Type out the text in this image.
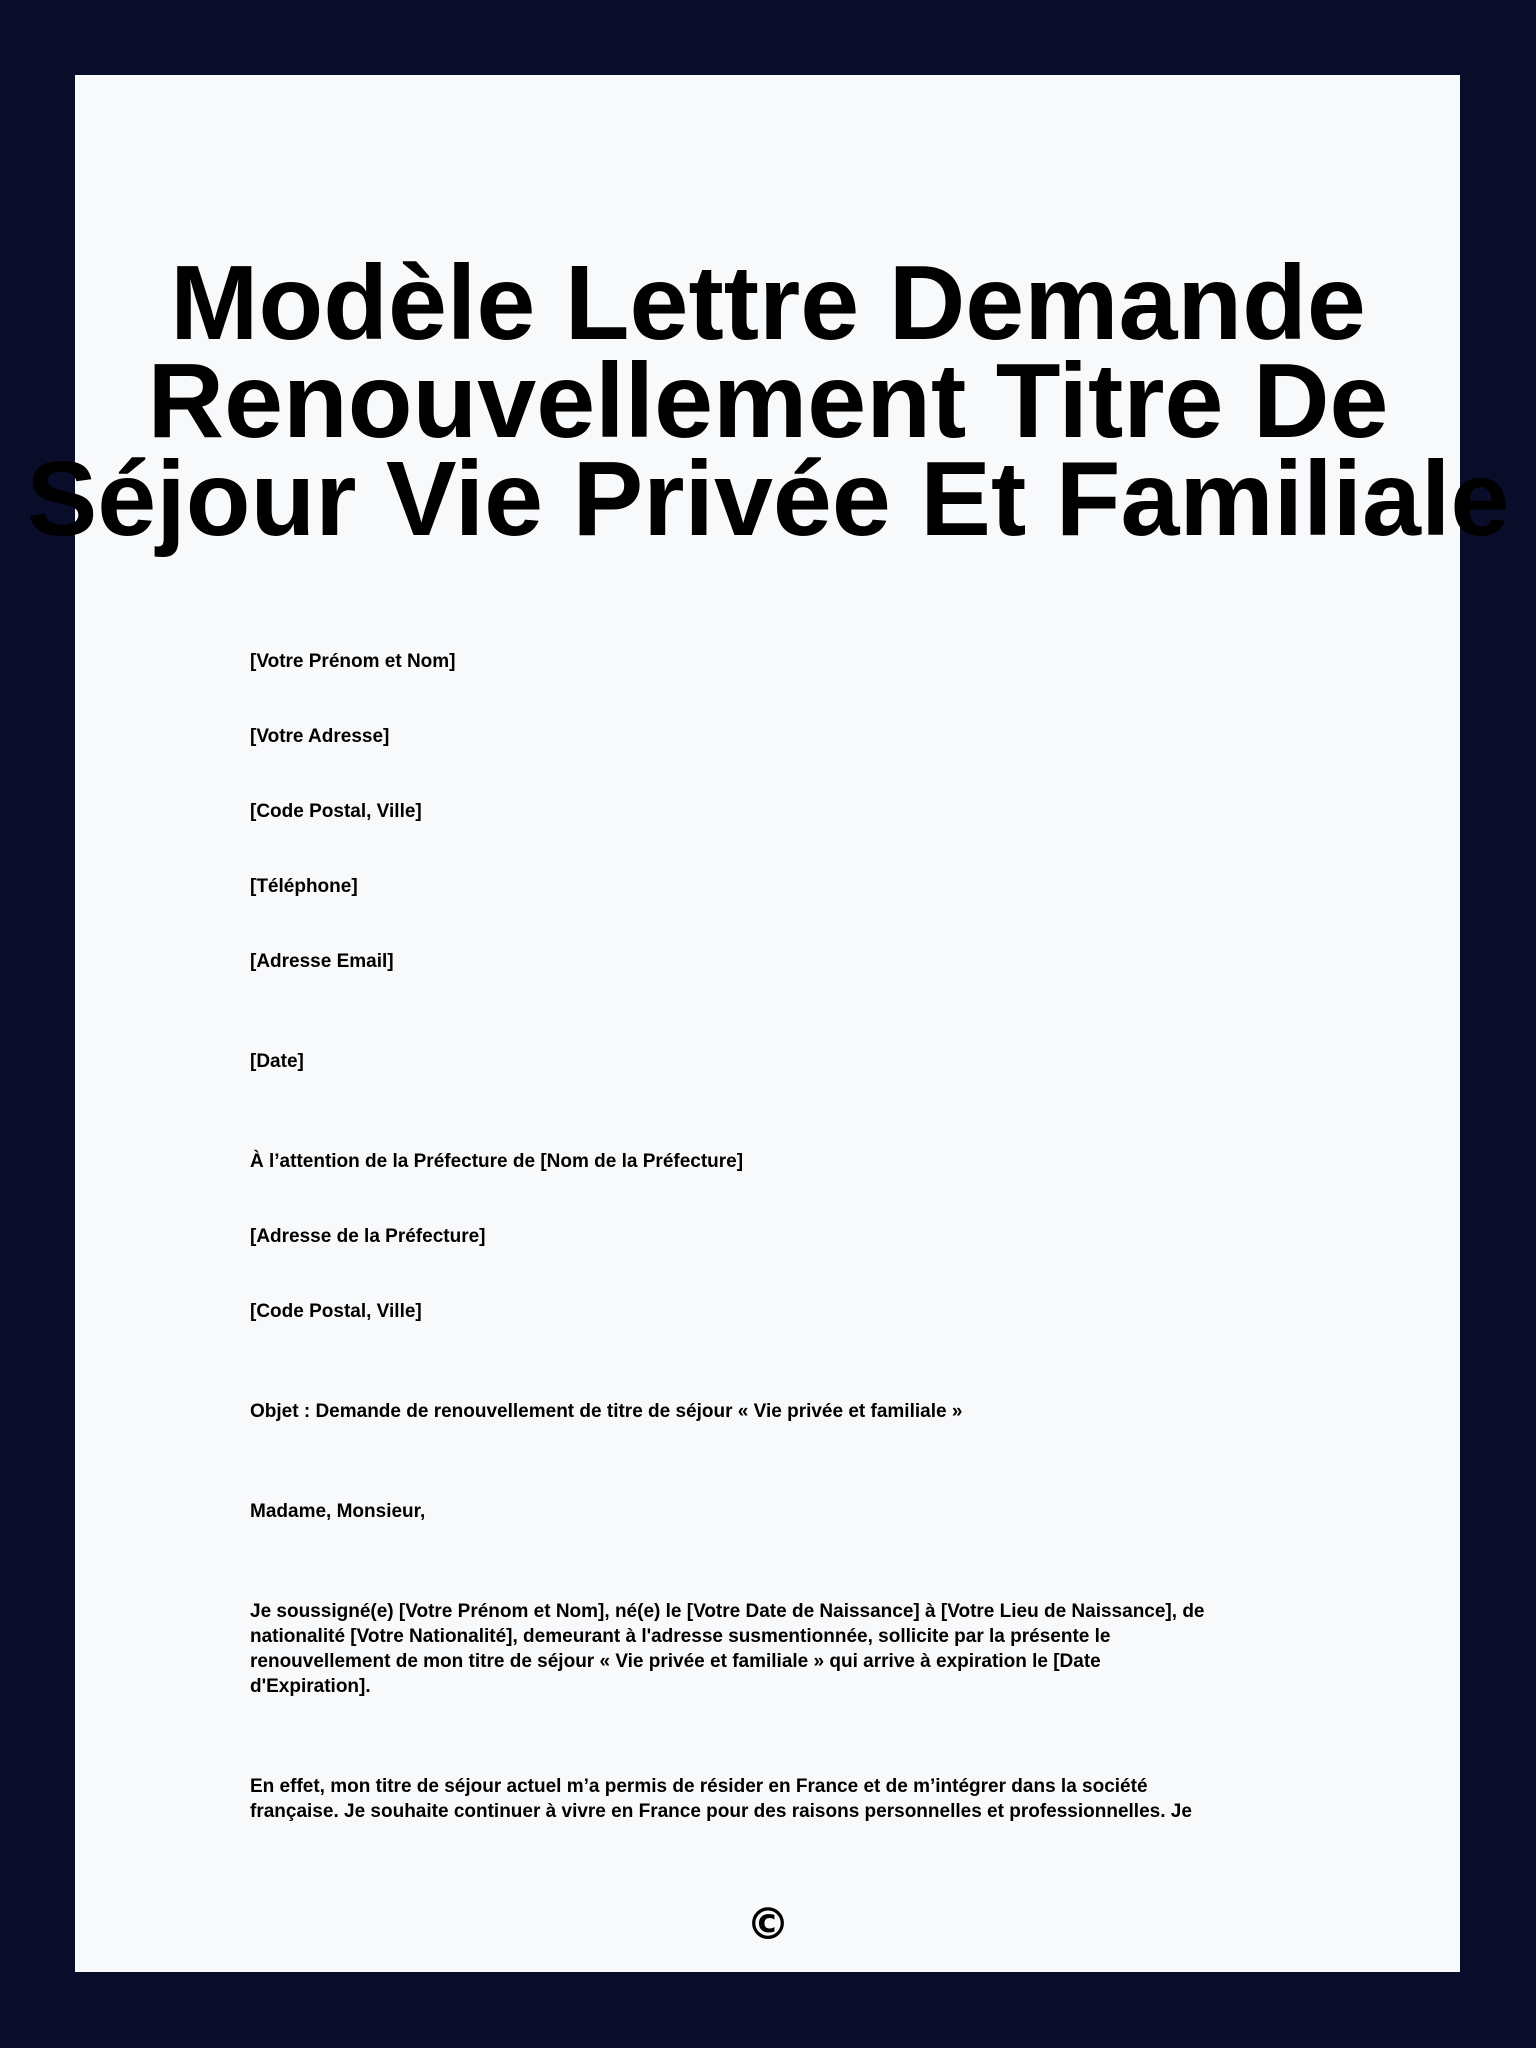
Modèle Lettre Demande
Renouvellement Titre De
Séjour Vie Privée Et Familiale
[Votre Prénom et Nom]
[Votre Adresse]
[Code Postal, Ville]
[Téléphone]
[Adresse Email]
[Date]
À l’attention de la Préfecture de [Nom de la Préfecture]
[Adresse de la Préfecture]
[Code Postal, Ville]
Objet : Demande de renouvellement de titre de séjour « Vie privée et familiale »
Madame, Monsieur,
Je soussigné(e) [Votre Prénom et Nom], né(e) le [Votre Date de Naissance] à [Votre Lieu de Naissance], de
nationalité [Votre Nationalité], demeurant à l'adresse susmentionnée, sollicite par la présente le
renouvellement de mon titre de séjour « Vie privée et familiale » qui arrive à expiration le [Date
d'Expiration].
En effet, mon titre de séjour actuel m’a permis de résider en France et de m’intégrer dans la société
française. Je souhaite continuer à vivre en France pour des raisons personnelles et professionnelles. Je
©
